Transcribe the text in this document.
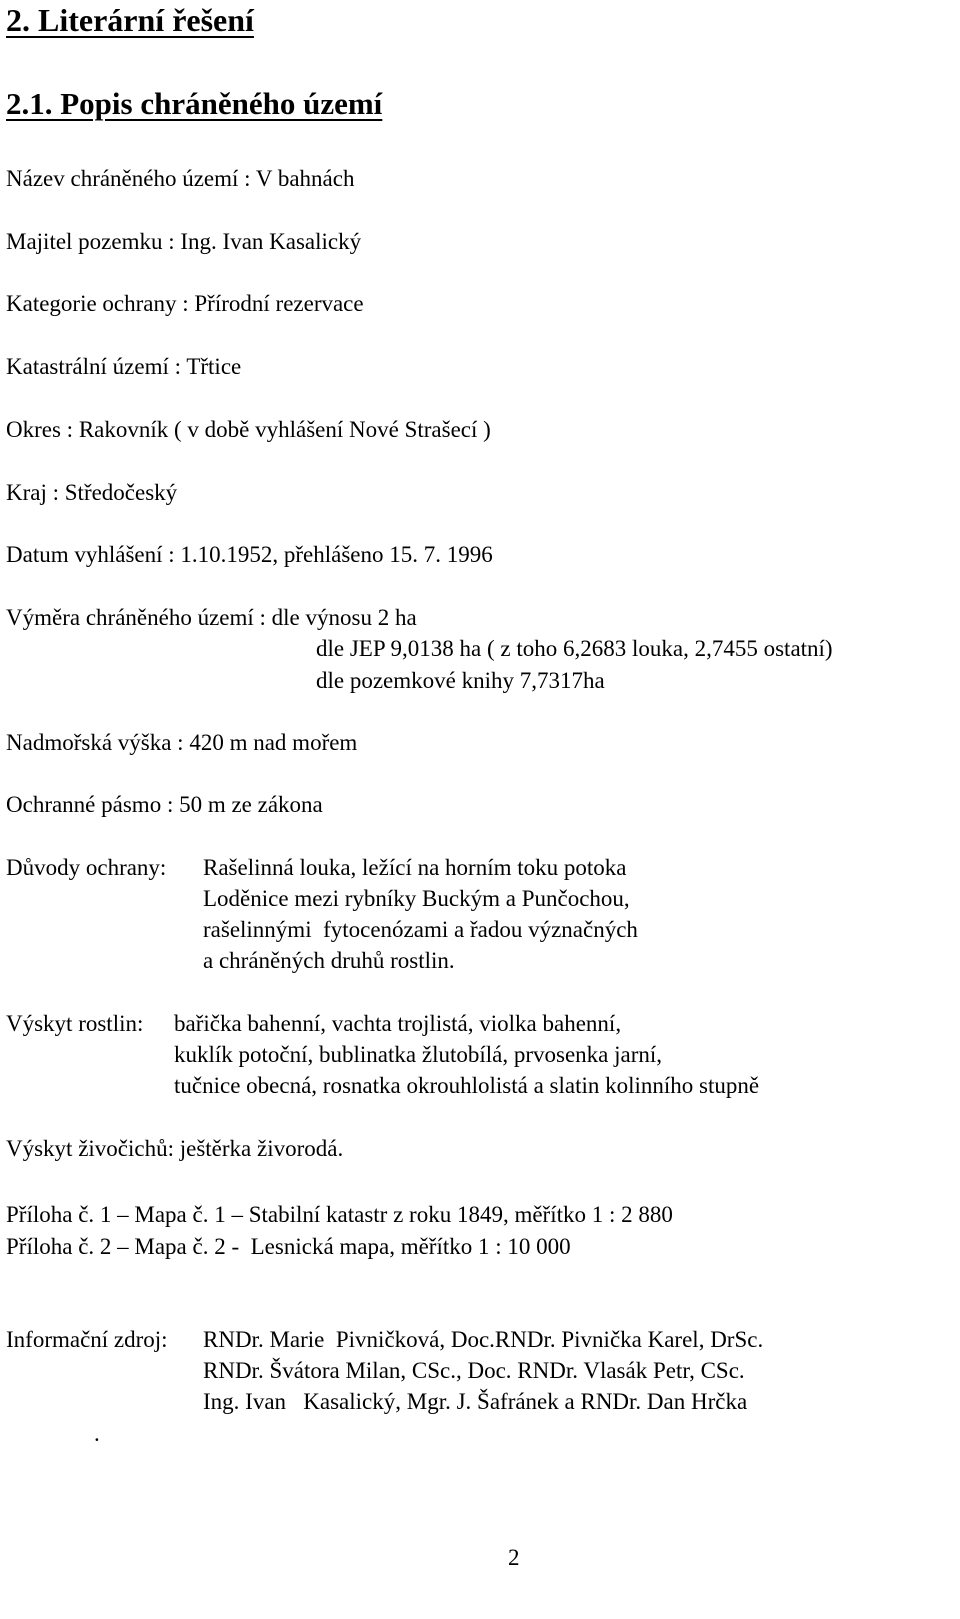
2. Literární řešení
2.1. Popis chráněného území
Název chráněného území : V bahnách
Majitel pozemku : Ing. Ivan Kasalický
Kategorie ochrany : Přírodní rezervace
Katastrální území : Třtice
Okres : Rakovník ( v době vyhlášení Nové Strašecí )
Kraj : Středočeský
Datum vyhlášení : 1.10.1952, přehlášeno 15. 7. 1996
Výměra chráněného území : dle výnosu 2 ha
dle JEP 9,0138 ha ( z toho 6,2683 louka, 2,7455 ostatní)
dle pozemkové knihy 7,7317ha
Nadmořská výška : 420 m nad mořem
Ochranné pásmo : 50 m ze zákona
Důvody ochrany: Rašelinná louka, ležící na horním toku potoka
Loděnice mezi rybníky Buckým a Punčochou,
rašelinnými  fytocenózami a řadou význačných
a chráněných druhů rostlin.
Výskyt rostlin: bařička bahenní, vachta trojlistá, violka bahenní,
kuklík potoční, bublinatka žlutobílá, prvosenka jarní,
tučnice obecná, rosnatka okrouhlolistá a slatin kolinního stupně
Výskyt živočichů: ještěrka živorodá.
Příloha č. 1 – Mapa č. 1 – Stabilní katastr z roku 1849, měřítko 1 : 2 880
Příloha č. 2 – Mapa č. 2 -  Lesnická mapa, měřítko 1 : 10 000
Informační zdroj: RNDr. Marie  Pivničková, Doc.RNDr. Pivnička Karel, DrSc.
RNDr. Švátora Milan, CSc., Doc. RNDr. Vlasák Petr, CSc.
Ing. Ivan   Kasalický, Mgr. J. Šafránek a RNDr. Dan Hrčka
.
2
